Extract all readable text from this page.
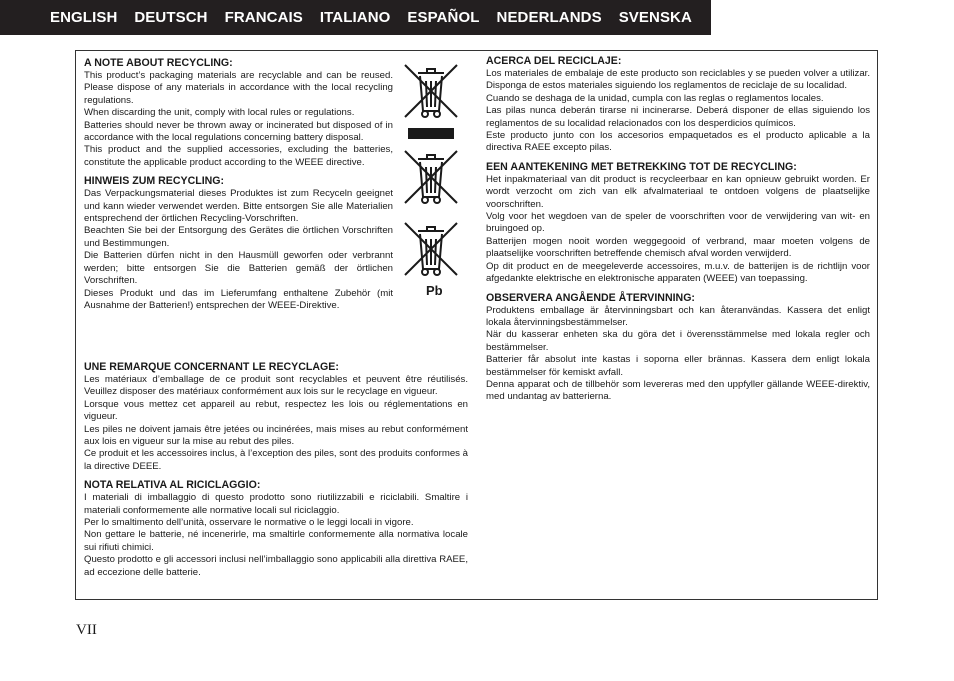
ENGLISH DEUTSCH FRANCAIS ITALIANO ESPAÑOL NEDERLANDS SVENSKA
A NOTE ABOUT RECYCLING:

This product’s packaging materials are recyclable and can be reused. Please dispose of any materials in accordance with the local recycling regulations.

When discarding the unit, comply with local rules or regulations.

Batteries should never be thrown away or incinerated but disposed of in accordance with the local regulations concerning battery disposal.

This product and the supplied accessories, excluding the batteries, constitute the applicable product according to the WEEE directive.

HINWEIS ZUM RECYCLING:

Das Verpackungsmaterial dieses Produktes ist zum Recyceln geeignet und kann wieder verwendet werden. Bitte entsorgen Sie alle Materialien entsprechend der örtlichen Recycling-Vorschriften.

Beachten Sie bei der Entsorgung des Gerätes die örtlichen Vorschriften und Bestimmungen.

Die Batterien dürfen nicht in den Hausmüll geworfen oder verbrannt werden; bitte entsorgen Sie die Batterien gemäß der örtlichen Vorschriften.

Dieses Produkt und das im Lieferumfang enthaltene Zubehör (mit Ausnahme der Batterien!) entsprechen der WEEE-Direktive.

Pb
UNE REMARQUE CONCERNANT LE RECYCLAGE:

Les matériaux d’emballage de ce produit sont recyclables et peuvent être réutilisés. Veuillez disposer des matériaux conformément aux lois sur le recyclage en vigueur.

Lorsque vous mettez cet appareil au rebut, respectez les lois ou réglementations en vigueur.

Les piles ne doivent jamais être jetées ou incinérées, mais mises au rebut conformément aux lois en vigueur sur la mise au rebut des piles.

Ce produit et les accessoires inclus, à l’exception des piles, sont des produits conformes à la directive DEEE.

NOTA RELATIVA AL RICICLAGGIO:

I materiali di imballaggio di questo prodotto sono riutilizzabili e riciclabili. Smaltire i materiali conformemente alle normative locali sul riciclaggio.

Per lo smaltimento dell’unità, osservare le normative o le leggi locali in vigore.

Non gettare le batterie, né incenerirle, ma smaltirle conformemente alla normativa locale sui rifiuti chimici.

Questo prodotto e gli accessori inclusi nell’imballaggio sono applicabili alla direttiva RAEE, ad eccezione delle batterie.

ACERCA DEL RECICLAJE:

Los materiales de embalaje de este producto son reciclables y se pueden volver a utilizar. Disponga de estos materiales siguiendo los reglamentos de reciclaje de su localidad.

Cuando se deshaga de la unidad, cumpla con las reglas o reglamentos locales.

Las pilas nunca deberán tirarse ni incinerarse. Deberá disponer de ellas siguiendo los reglamentos de su localidad relacionados con los desperdicios químicos.

Este producto junto con los accesorios empaquetados es el producto aplicable a la directiva RAEE excepto pilas.

EEN AANTEKENING MET BETREKKING TOT DE RECYCLING:

Het inpakmateriaal van dit product is recycleerbaar en kan opnieuw gebruikt worden. Er wordt verzocht om zich van elk afvalmateriaal te ontdoen volgens de plaatselijke voorschriften.

Volg voor het wegdoen van de speler de voorschriften voor de verwijdering van wit- en bruingoed op.

Batterijen mogen nooit worden weggegooid of verbrand, maar moeten volgens de plaatselijke voorschriften betreffende chemisch afval worden verwijderd.

Op dit product en de meegeleverde accessoires, m.u.v. de batterijen is de richtlijn voor afgedankte elektrische en elektronische apparaten (WEEE) van toepassing.

OBSERVERA ANGÅENDE ÅTERVINNING:

Produktens emballage är återvinningsbart och kan återanvändas. Kassera det enligt lokala återvinningsbestämmelser.

När du kasserar enheten ska du göra det i överensstämmelse med lokala regler och bestämmelser.

Batterier får absolut inte kastas i soporna eller brännas. Kassera dem enligt lokala bestämmelser för kemiskt avfall.

Denna apparat och de tillbehör som levereras med den uppfyller gällande WEEE-direktiv, med undantag av batterierna.

VII
